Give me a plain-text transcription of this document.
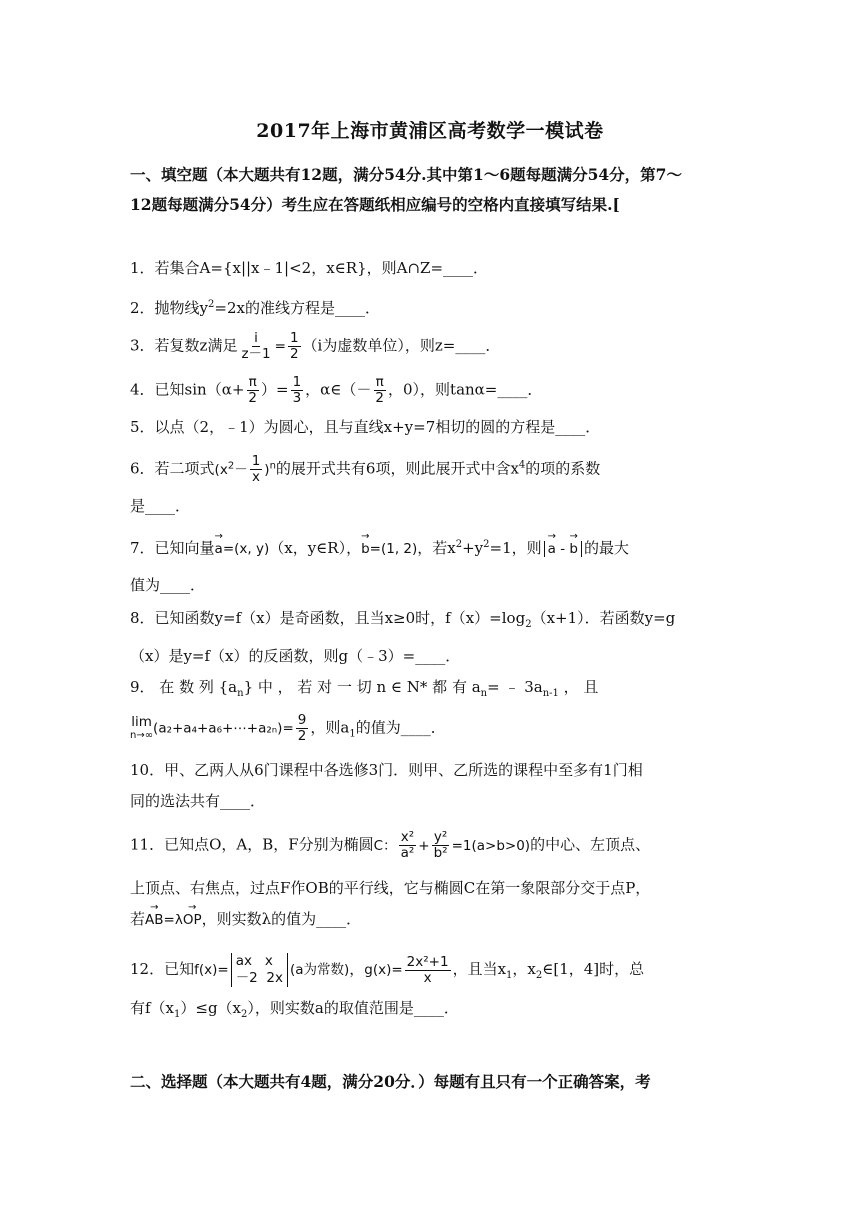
2017年上海市黄浦区高考数学一模试卷
一、填空题（本大题共有12题，满分54分.其中第1～6题每题满分54分，第7～
12题每题满分54分）考生应在答题纸相应编号的空格内直接填写结果.[
1．若集合A={x||x﹣1|<2，x∈R}，则A∩Z=____．
2．抛物线$y^2=2x$的准线方程是____．
3．若复数z满足 $\frac{i}{z-1} = \frac{1}{2} (i$为虚数单位），则z=____．
4．已知$\sin(\alpha+ \frac{\pi}{2}$ ）= $\frac{1}{3}$ ，α∈（－ $\frac{\pi}{2}$ ，0），则tanα=____．
5．以点（2，﹣1）为圆心，且与直线x+y=7相切的圆的方程是____．
6．若二项式$(x^2- \frac{1}{x} )^n$的展开式共有6项，则此展开式中含$x^4$的项的系数
是____．
7．已知向量→ a=(x, y)（x，y∈R），→ b=(1, 2)，若$x^2+y^2=1$，则→ a - → b 的最大
值为____．
8．已知函数y=f（x）是奇函数，且当x≥0时，$f(x)=\log_2(x+1)$．若函数y=g
（x）是y=f（x）的反函数，则g（﹣3）=____．
9． 在 数 列 $\{a_n\}$ 中 ， 若 对 一 切 n ∈ N* 都 有 $a_n=$ ﹣ $3a_{n-1}$ ， 且
lim
n→∞ (a₂+a₄+a₆+⋯+a₂ₙ)= $\frac{9}{2}$ ，则$a_1$的值为____．
10．甲、乙两人从6门课程中各选修3门．则甲、乙所选的课程中至多有1门相
同的选法共有____．
11．已知点O，A，B，F分别为椭圆C： $\frac{\text{x²}}{\text{a²}} + \frac{\text{y²}}{\text{b²}} =1(a>b>0)$的中心、左顶点、
上顶点、右焦点，过点F作OB的平行线，它与椭圆C在第一象限部分交于点P，
若→ AB=λ→ OP，则实数λ的值为____．
12．已知f(x)=
ax   x
－2  2x (a为常数)，$g(x)= \frac{\text{2x²+1}}{x}$ ，且当$x_1$，$x_2\in[1$，4]时，总
有$f(x_1)\le g(x_2)$，则实数a的取值范围是____．
二、选择题（本大题共有4题，满分20分．）每题有且只有一个正确答案，考
